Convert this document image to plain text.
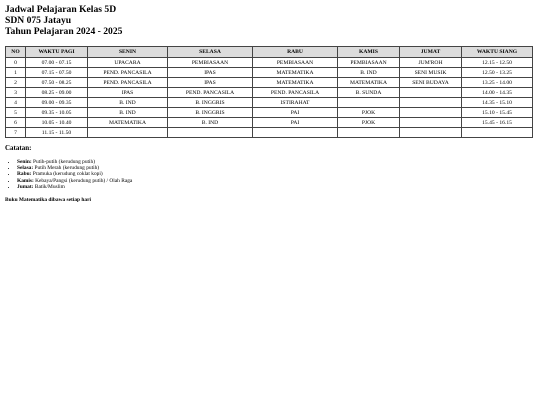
Jadwal Pelajaran Kelas 5D

SDN 075 Jatayu

Tahun Pelajaran 2024 - 2025

NO	WAKTU PAGI	SENIN	SELASA	RABU	KAMIS	JUMAT	WAKTU SIANG
0	07.00 - 07.15	UPACARA	PEMBIASAAN	PEMBIASAAN	PEMBIASAAN	JUM'ROH	12.15 - 12.50
1	07.15 - 07.50	PEND. PANCASILA	IPAS	MATEMATIKA	B. IND	SENI MUSIK	12.50 - 13.25
2	07.50 - 08.25	PEND. PANCASILA	IPAS	MATEMATIKA	MATEMATIKA	SENI BUDAYA	13.25 - 14.00
3	08.25 - 09.00	IPAS	PEND. PANCASILA	PEND. PANCASILA	B. SUNDA		14.00 - 14.35
4	09.00 - 09.35	B. IND	B. INGGRIS	ISTIRAHAT			14.35 - 15.10
5	09.35 - 10.05	B. IND	B. INGGRIS	PAI	PJOK		15.10 - 15.45
6	10.05 - 10.40	MATEMATIKA	B. IND	PAI	PJOK		15.45 - 16.15
7	11.15 - 11.50						
Catatan:
• Senin: Putih-putih (kerudung putih)
• Selasa: Putih Merah (kerudung putih)
• Rabu: Pramuka (kerudung coklat kopi)
• Kamis: Kebaya/Pangsi (kerudung putih) / Olah Raga
• Jumat: Batik/Muslim
Buku Matematika dibawa setiap hari
